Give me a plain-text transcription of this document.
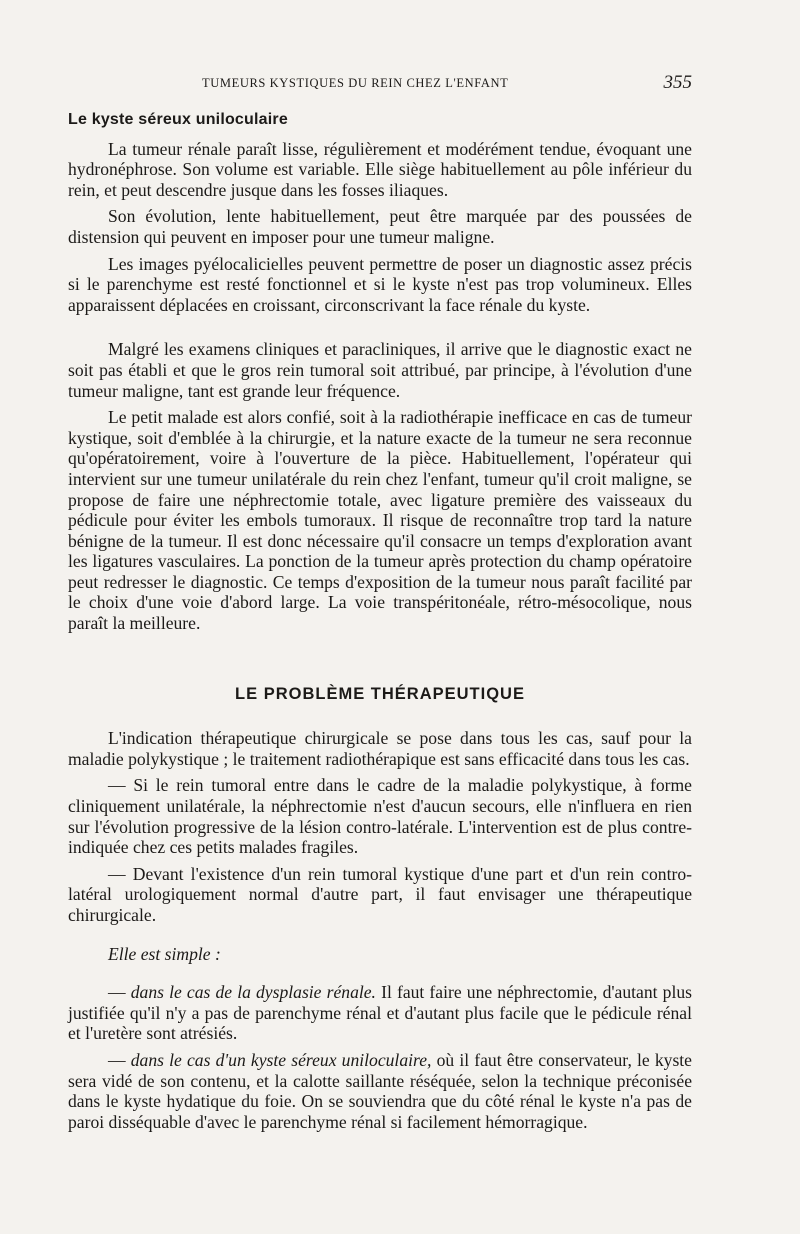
TUMEURS KYSTIQUES DU REIN CHEZ L'ENFANT	355
Le kyste séreux uniloculaire

La tumeur rénale paraît lisse, régulièrement et modérément tendue, évoquant une hydronéphrose. Son volume est variable. Elle siège habituellement au pôle inférieur du rein, et peut descendre jusque dans les fosses iliaques.

Son évolution, lente habituellement, peut être marquée par des poussées de distension qui peuvent en imposer pour une tumeur maligne.

Les images pyélocalicielles peuvent permettre de poser un diagnostic assez précis si le parenchyme est resté fonctionnel et si le kyste n'est pas trop volumineux. Elles apparaissent déplacées en croissant, circonscrivant la face rénale du kyste.

Malgré les examens cliniques et paracliniques, il arrive que le diagnostic exact ne soit pas établi et que le gros rein tumoral soit attribué, par principe, à l'évolution d'une tumeur maligne, tant est grande leur fréquence.

Le petit malade est alors confié, soit à la radiothérapie inefficace en cas de tumeur kystique, soit d'emblée à la chirurgie, et la nature exacte de la tumeur ne sera reconnue qu'opératoirement, voire à l'ouverture de la pièce. Habituellement, l'opérateur qui intervient sur une tumeur unilatérale du rein chez l'enfant, tumeur qu'il croit maligne, se propose de faire une néphrectomie totale, avec ligature première des vaisseaux du pédicule pour éviter les embols tumoraux. Il risque de reconnaître trop tard la nature bénigne de la tumeur. Il est donc nécessaire qu'il consacre un temps d'exploration avant les ligatures vasculaires. La ponction de la tumeur après protection du champ opératoire peut redresser le diagnostic. Ce temps d'exposition de la tumeur nous paraît facilité par le choix d'une voie d'abord large. La voie transpéritonéale, rétro-mésocolique, nous paraît la meilleure.

LE PROBLÈME THÉRAPEUTIQUE

L'indication thérapeutique chirurgicale se pose dans tous les cas, sauf pour la maladie polykystique ; le traitement radiothérapique est sans efficacité dans tous les cas.

— Si le rein tumoral entre dans le cadre de la maladie polykystique, à forme cliniquement unilatérale, la néphrectomie n'est d'aucun secours, elle n'influera en rien sur l'évolution progressive de la lésion contro-latérale. L'intervention est de plus contre-indiquée chez ces petits malades fragiles.

— Devant l'existence d'un rein tumoral kystique d'une part et d'un rein contro-latéral urologiquement normal d'autre part, il faut envisager une thérapeutique chirurgicale.

Elle est simple :

— dans le cas de la dysplasie rénale. Il faut faire une néphrectomie, d'autant plus justifiée qu'il n'y a pas de parenchyme rénal et d'autant plus facile que le pédicule rénal et l'uretère sont atrésiés.

— dans le cas d'un kyste séreux uniloculaire, où il faut être conservateur, le kyste sera vidé de son contenu, et la calotte saillante réséquée, selon la technique préconisée dans le kyste hydatique du foie. On se souviendra que du côté rénal le kyste n'a pas de paroi disséquable d'avec le parenchyme rénal si facilement hémorragique.
